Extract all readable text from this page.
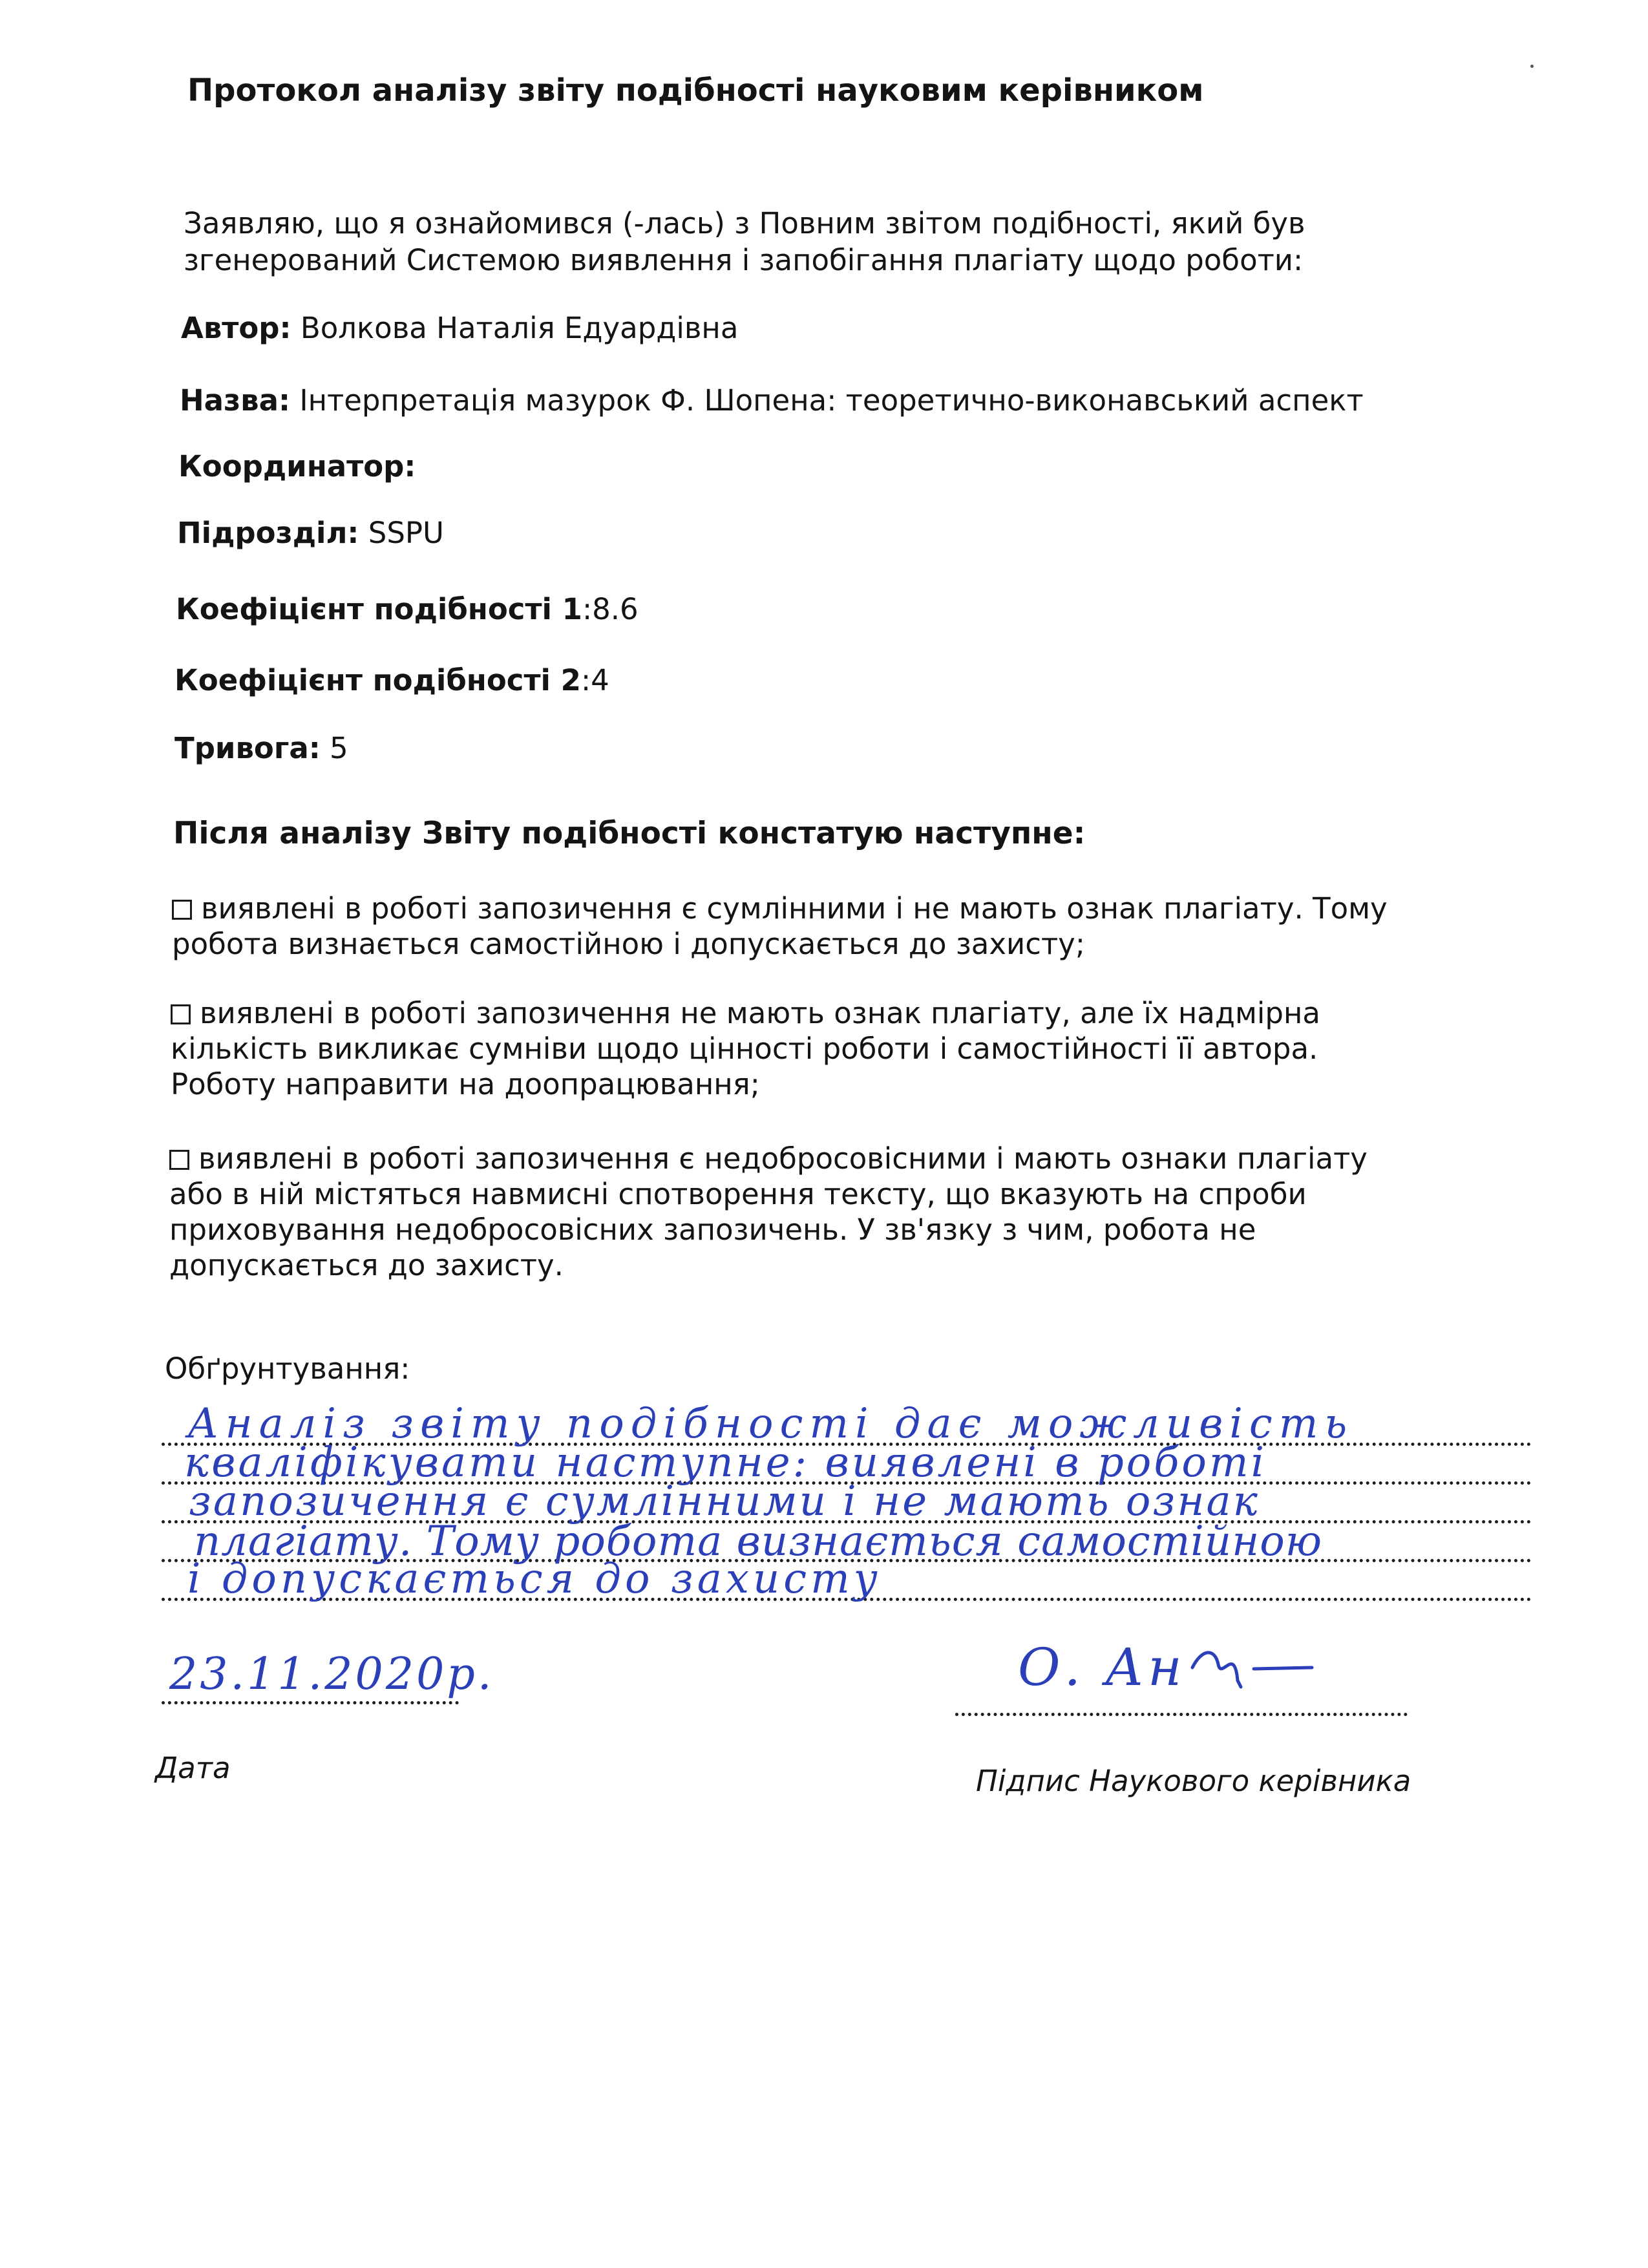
Протокол аналізу звіту подібності науковим керівником
Заявляю, що я ознайомився (-лась) з Повним звітом подібності, який був
згенерований Системою виявлення і запобігання плагіату щодо роботи:
Автор: Волкова Наталія Едуардівна
Назва: Інтерпретація мазурок Ф. Шопена: теоретично-виконавський аспект
Координатор:
Підрозділ: SSPU
Коефіцієнт подібності 1:8.6
Коефіцієнт подібності 2:4
Тривога: 5
Після аналізу Звіту подібності констатую наступне:
виявлені в роботі запозичення є сумлінними і не мають ознак плагіату. Тому
робота визнається самостійною і допускається до захисту;
виявлені в роботі запозичення не мають ознак плагіату, але їх надмірна
кількість викликає сумніви щодо цінності роботи і самостійності її автора.
Роботу направити на доопрацювання;
виявлені в роботі запозичення є недобросовісними і мають ознаки плагіату
або в ній містяться навмисні спотворення тексту, що вказують на спроби
приховування недобросовісних запозичень. У зв'язку з чим, робота не
допускається до захисту.
Обґрунтування:
Аналіз звіту подібності дає можливість
кваліфікувати наступне: виявлені в роботі
запозичення є сумлінними і не мають ознак
плагіату. Тому робота визнається самостійною
і допускається до захисту
23.11.2020р.
Дата
О. Ан
Підпис Наукового керівника
